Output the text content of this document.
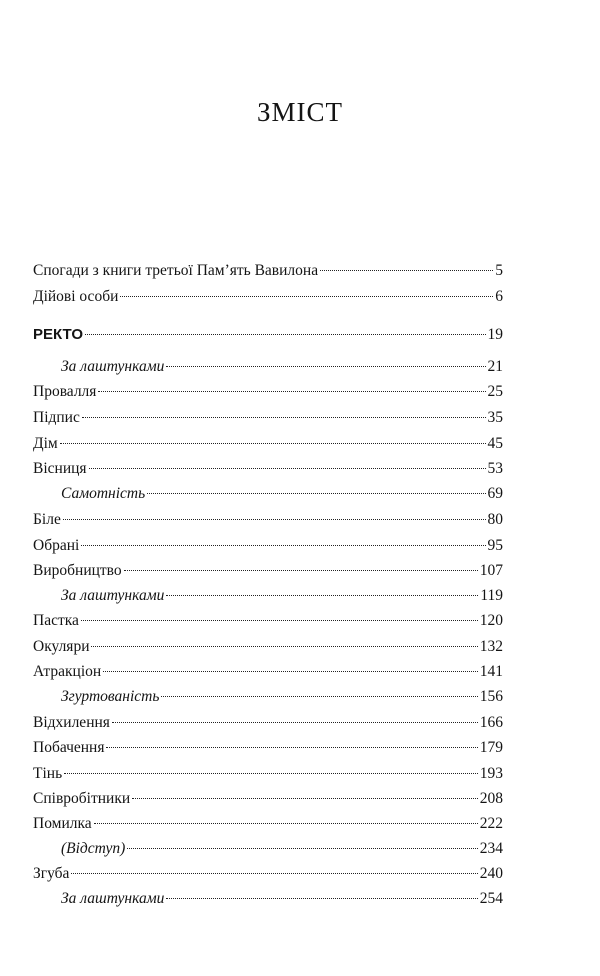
ЗМІСТ
Спогади з книги третьої Пам’ять Вавилона	5
Дійові особи	6
РЕКТО	19
За лаштунками	21
Провалля	25
Підпис	35
Дім	45
Вісниця	53
Самотність	69
Біле	80
Обрані	95
Виробництво	107
За лаштунками	119
Пастка	120
Окуляри	132
Атракціон	141
Згуртованість	156
Відхилення	166
Побачення	179
Тінь	193
Співробітники	208
Помилка	222
(Відступ)	234
Згуба	240
За лаштунками	254
